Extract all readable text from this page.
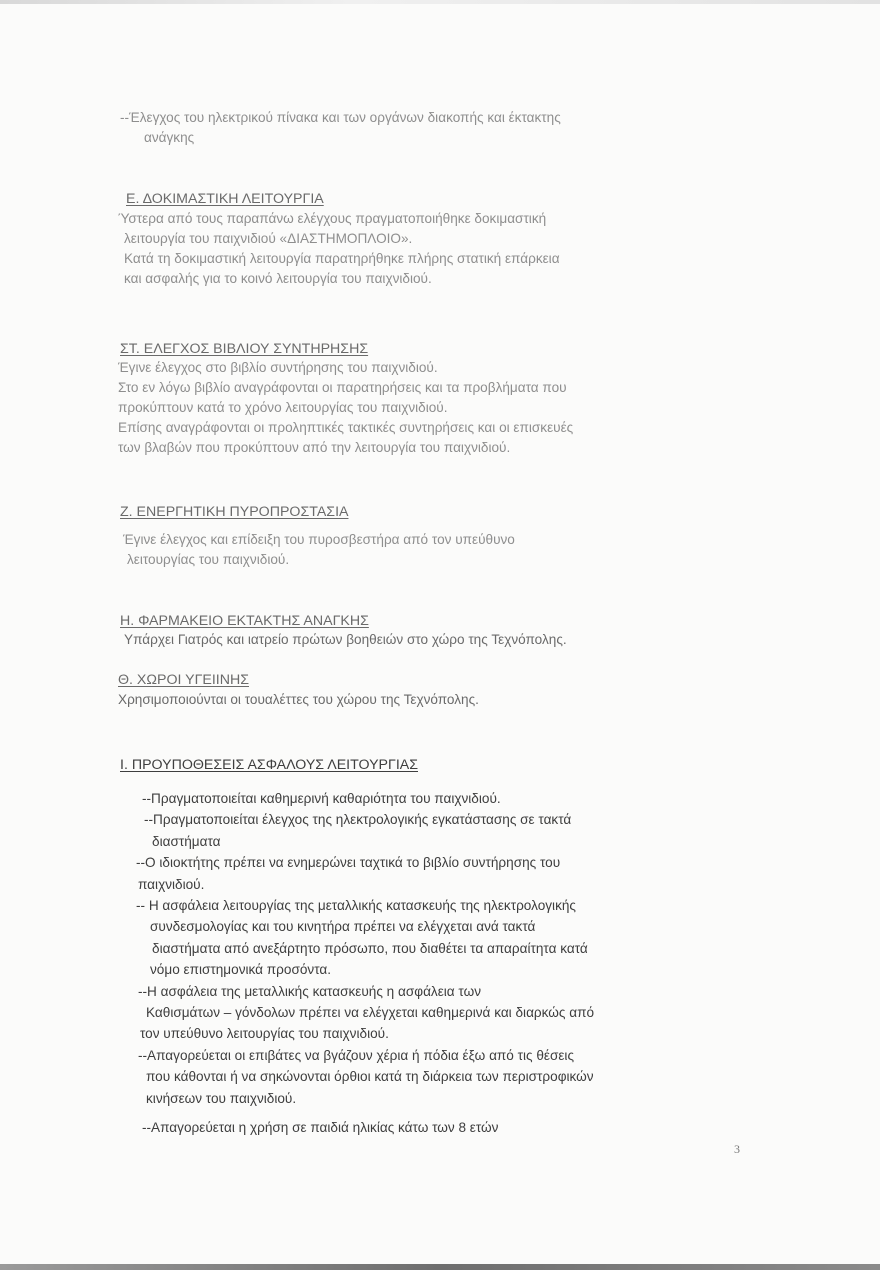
--Έλεγχος του ηλεκτρικού πίνακα και των οργάνων διακοπής και έκτακτης
ανάγκης
Ε. ΔΟΚΙΜΑΣΤΙΚΗ ΛΕΙΤΟΥΡΓΙΑ
Ύστερα από τους παραπάνω ελέγχους πραγματοποιήθηκε δοκιμαστική
λειτουργία του παιχνιδιού «ΔΙΑΣΤΗΜΟΠΛΟΙΟ».
Κατά τη δοκιμαστική λειτουργία παρατηρήθηκε πλήρης στατική επάρκεια
και ασφαλής για το κοινό λειτουργία του παιχνιδιού.
ΣΤ. ΕΛΕΓΧΟΣ ΒΙΒΛΙΟΥ ΣΥΝΤΗΡΗΣΗΣ
Έγινε έλεγχος στο βιβλίο συντήρησης του παιχνιδιού.
Στο εν λόγω βιβλίο αναγράφονται οι παρατηρήσεις και τα προβλήματα που
προκύπτουν κατά το χρόνο λειτουργίας του παιχνιδιού.
Επίσης αναγράφονται οι προληπτικές τακτικές συντηρήσεις και οι επισκευές
των βλαβών που προκύπτουν από την λειτουργία του παιχνιδιού.
Ζ. ΕΝΕΡΓΗΤΙΚΗ ΠΥΡΟΠΡΟΣΤΑΣΙΑ
Έγινε έλεγχος και επίδειξη του πυροσβεστήρα από τον υπεύθυνο
λειτουργίας του παιχνιδιού.
Η. ΦΑΡΜΑΚΕΙΟ ΕΚΤΑΚΤΗΣ ΑΝΑΓΚΗΣ
Υπάρχει Γιατρός και ιατρείο πρώτων βοηθειών στο χώρο της Τεχνόπολης.
Θ. ΧΩΡΟΙ ΥΓΕΙΙΝΗΣ
Χρησιμοποιούνται οι τουαλέττες του χώρου της Τεχνόπολης.
Ι. ΠΡΟΥΠΟΘΕΣΕΙΣ ΑΣΦΑΛΟΥΣ ΛΕΙΤΟΥΡΓΙΑΣ
--Πραγματοποιείται καθημερινή καθαριότητα του παιχνιδιού.
--Πραγματοποιείται έλεγχος της ηλεκτρολογικής εγκατάστασης σε τακτά
διαστήματα
--Ο ιδιοκτήτης πρέπει να ενημερώνει ταχτικά το βιβλίο συντήρησης του
παιχνιδιού.
-- Η ασφάλεια λειτουργίας της μεταλλικής κατασκευής της ηλεκτρολογικής
συνδεσμολογίας και του κινητήρα πρέπει να ελέγχεται ανά τακτά
διαστήματα από ανεξάρτητο πρόσωπο, που διαθέτει τα απαραίτητα κατά
νόμο επιστημονικά προσόντα.
--Η ασφάλεια της μεταλλικής κατασκευής η ασφάλεια των
Καθισμάτων – γόνδολων πρέπει να ελέγχεται καθημερινά και διαρκώς από
τον υπεύθυνο λειτουργίας του παιχνιδιού.
--Απαγορεύεται οι επιβάτες να βγάζουν χέρια ή πόδια έξω από τις θέσεις
που κάθονται ή να σηκώνονται όρθιοι κατά τη διάρκεια των περιστροφικών
κινήσεων του παιχνιδιού.
--Απαγορεύεται η χρήση σε παιδιά ηλικίας κάτω των 8 ετών
3
